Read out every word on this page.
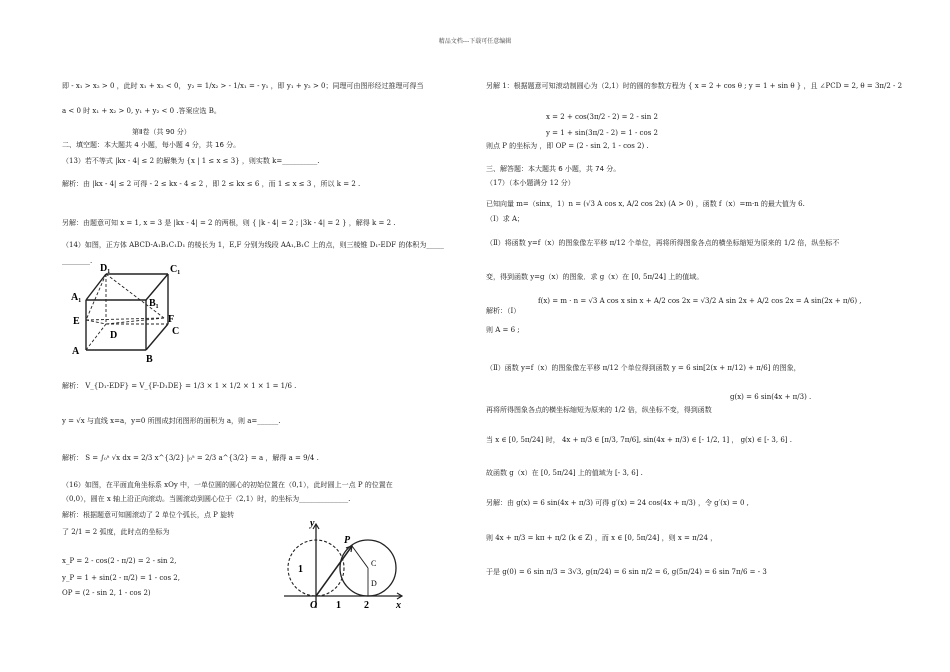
精品文档---下载可任意编辑
即 - x₁ > x₂ > 0 ，此时 x₁ + x₂ < 0， y₂ = 1/x₂ > - 1/x₁ = - y₁ ，即 y₁ + y₂ > 0；同理可由图形经过推理可得当
a < 0 时 x₁ + x₂ > 0, y₁ + y₂ < 0 .答案应选 B。
第Ⅱ卷（共 90 分）
二、填空题：本大题共 4 小题，每小题 4 分，共 16 分。
（13）若不等式 |kx - 4| ≤ 2 的解集为 {x | 1 ≤ x ≤ 3} ，则实数 k=__________.
解析：由 |kx - 4| ≤ 2 可得 - 2 ≤ kx - 4 ≤ 2 ，即 2 ≤ kx ≤ 6 ，而 1 ≤ x ≤ 3 ，所以 k = 2 .
另解：由题意可知 x = 1, x = 3 是 |kx - 4| = 2 的两根，则 { |k - 4| = 2 ; |3k - 4| = 2 } ，解得 k = 2 .
（14）如图，正方体 ABCD-A₁B₁C₁D₁ 的棱长为 1，E,F 分别为线段 AA₁,B₁C 上的点，则三棱锥 D₁-EDF 的体积为_____
________.
解析： V_{D₁-EDF} = V_{F-D₁DE} = 1/3 × 1 × 1/2 × 1 × 1 = 1/6 .
y = √x 与直线 x=a，y=0 所围成封闭图形的面积为 a，则 a=______.
解析： S = ∫₀ᵃ √x dx = 2/3 x^{3/2} |₀ᵃ = 2/3 a^{3/2} = a ，解得 a = 9/4 .
（16）如图，在平面直角坐标系 xOy 中，一单位圆的圆心的初始位置在（0,1），此时圆上一点 P 的位置在
（0,0），圆在 x 轴上沿正向滚动。当圆滚动到圆心位于（2,1）时，的坐标为______________.
解析：根据题意可知圆滚动了 2 单位个弧长，点 P 旋转
了 2/1 = 2 弧度，此时点的坐标为
x_P = 2 - cos(2 - π/2) = 2 - sin 2,
y_P = 1 + sin(2 - π/2) = 1 - cos 2,
OP = (2 - sin 2, 1 - cos 2)
D₁	C₁
A₁
B₁
E	F
A
B
C
D
y
x
O 1 2
1
P
C
D
另解 1：根据题意可知滚动制圆心为（2,1）时的圆的参数方程为 { x = 2 + cos θ ; y = 1 + sin θ } ，且 ∠PCD = 2, θ = 3π/2 - 2
x = 2 + cos(3π/2 - 2) = 2 - sin 2
y = 1 + sin(3π/2 - 2) = 1 - cos 2
则点 P 的坐标为 ，即 OP = (2 - sin 2, 1 - cos 2) .
三、解答题：本大题共 6 小题，共 74 分。
（17）（本小题满分 12 分）
已知向量 m=（sinx，1）n = (√3 A cos x, A/2 cos 2x) (A > 0) ，函数 f（x）=m·n 的最大值为 6.
（Ⅰ）求 A；
（Ⅱ）将函数 y=f（x）的图象像左平移 π/12 个单位，再将所得图象各点的横坐标缩短为原来的 1/2 倍，纵坐标不
变，得到函数 y=g（x）的图象．求 g（x）在 [0, 5π/24] 上的值域。
f(x) = m · n = √3 A cos x sin x + A/2 cos 2x = √3/2 A sin 2x + A/2 cos 2x = A sin(2x + π/6) ,
解析：（Ⅰ）
则 A = 6 ;
（Ⅱ）函数 y=f（x）的图象像左平移 π/12 个单位得到函数 y = 6 sin[2(x + π/12) + π/6] 的图象，
g(x) = 6 sin(4x + π/3) .
再将所得图象各点的横坐标缩短为原来的 1/2 倍，纵坐标不变，得到函数
当 x ∈ [0, 5π/24] 时， 4x + π/3 ∈ [π/3, 7π/6], sin(4x + π/3) ∈ [- 1/2, 1] ， g(x) ∈ [- 3, 6] .
故函数 g（x）在 [0, 5π/24] 上的值域为 [- 3, 6] .
另解：由 g(x) = 6 sin(4x + π/3) 可得 g′(x) = 24 cos(4x + π/3) ，令 g′(x) = 0 ,
则 4x + π/3 = kπ + π/2 (k ∈ Z) ，而 x ∈ [0, 5π/24] ，则 x = π/24 ，
于是 g(0) = 6 sin π/3 = 3√3, g(π/24) = 6 sin π/2 = 6, g(5π/24) = 6 sin 7π/6 = - 3
